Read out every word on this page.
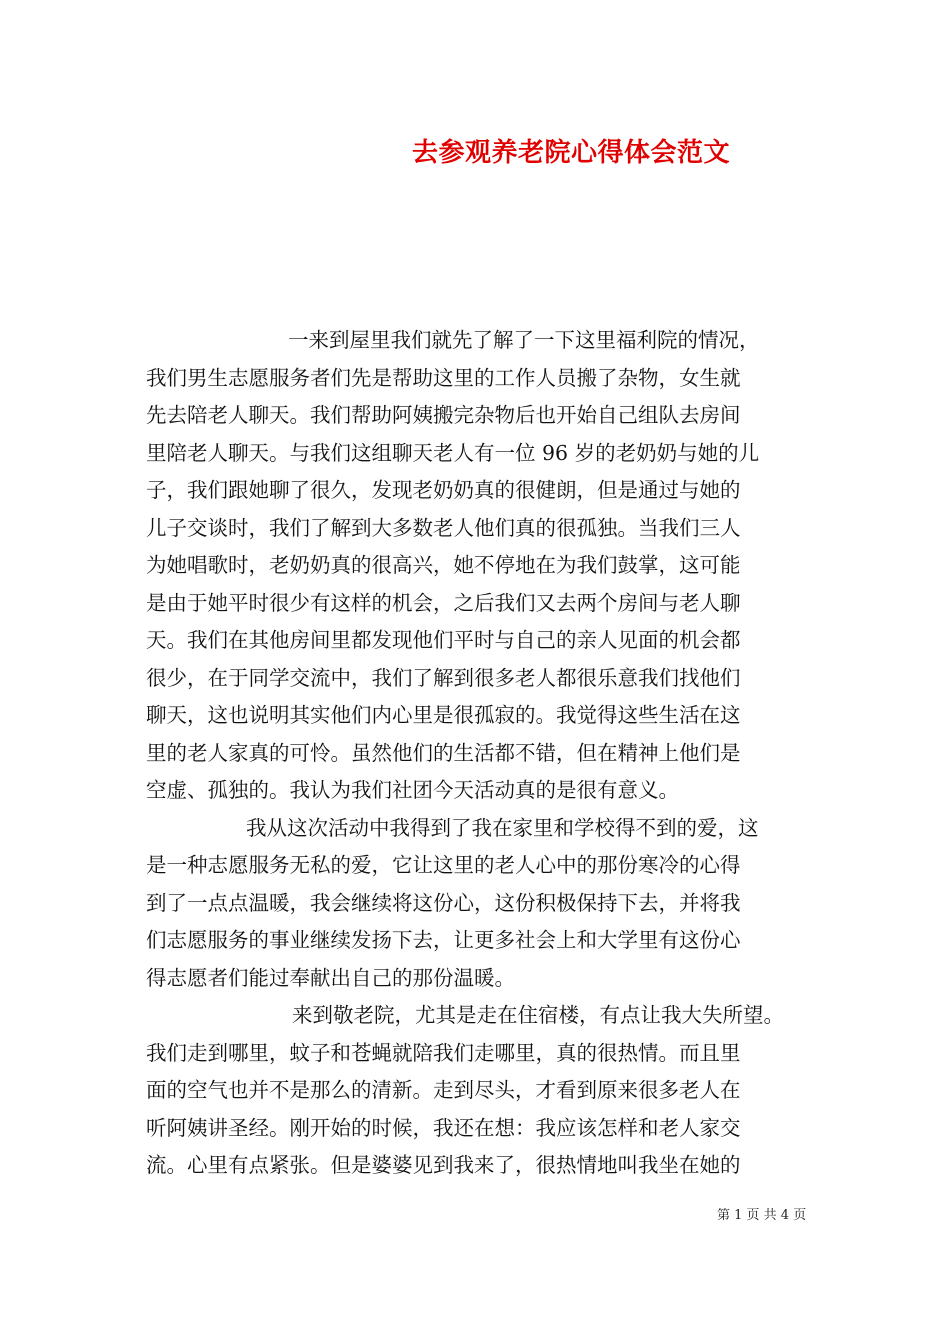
去参观养老院心得体会范文
一来到屋里我们就先了解了一下这里福利院的情况，
我们男生志愿服务者们先是帮助这里的工作人员搬了杂物，女生就
先去陪老人聊天。我们帮助阿姨搬完杂物后也开始自己组队去房间
里陪老人聊天。与我们这组聊天老人有一位 96 岁的老奶奶与她的儿
子，我们跟她聊了很久，发现老奶奶真的很健朗，但是通过与她的
儿子交谈时，我们了解到大多数老人他们真的很孤独。当我们三人
为她唱歌时，老奶奶真的很高兴，她不停地在为我们鼓掌，这可能
是由于她平时很少有这样的机会，之后我们又去两个房间与老人聊
天。我们在其他房间里都发现他们平时与自己的亲人见面的机会都
很少，在于同学交流中，我们了解到很多老人都很乐意我们找他们
聊天，这也说明其实他们内心里是很孤寂的。我觉得这些生活在这
里的老人家真的可怜。虽然他们的生活都不错，但在精神上他们是
空虚、孤独的。我认为我们社团今天活动真的是很有意义。
我从这次活动中我得到了我在家里和学校得不到的爱，这
是一种志愿服务无私的爱，它让这里的老人心中的那份寒冷的心得
到了一点点温暖，我会继续将这份心，这份积极保持下去，并将我
们志愿服务的事业继续发扬下去，让更多社会上和大学里有这份心
得志愿者们能过奉献出自己的那份温暖。
来到敬老院，尤其是走在住宿楼，有点让我大失所望。
我们走到哪里，蚊子和苍蝇就陪我们走哪里，真的很热情。而且里
面的空气也并不是那么的清新。走到尽头，才看到原来很多老人在
听阿姨讲圣经。刚开始的时候，我还在想：我应该怎样和老人家交
流。心里有点紧张。但是婆婆见到我来了，很热情地叫我坐在她的
第 1 页 共 4 页
